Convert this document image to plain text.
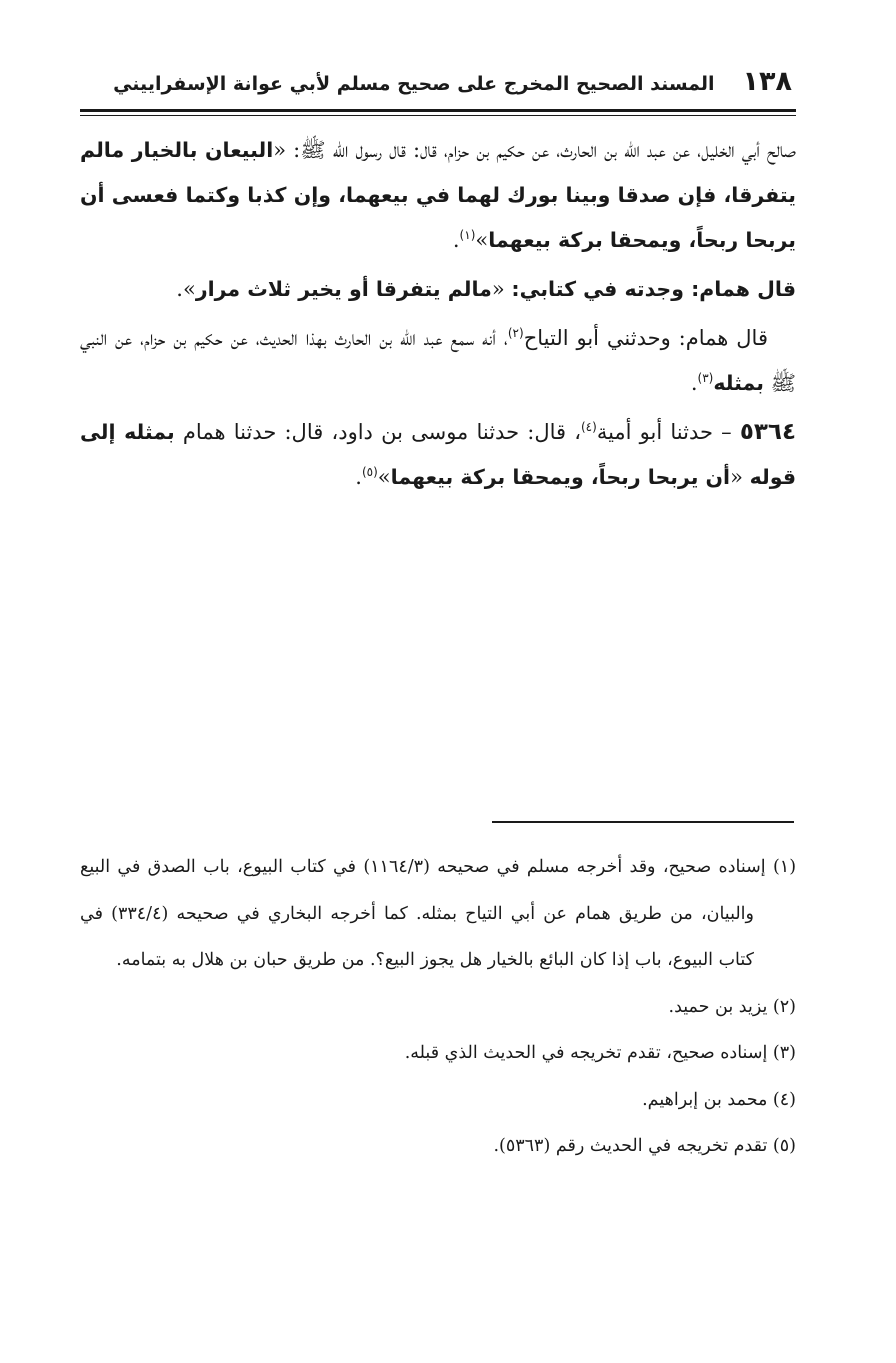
١٣٨
المسند الصحيح المخرج على صحيح مسلم لأبي عوانة الإسفراييني

صالح أبي الخليل، عن عبد الله بن الحارث، عن حكيم بن حزام، قال: قال رسول الله ﷺ: «البيعان بالخيار مالم يتفرقا، فإن صدقا وبينا بورك لهما في بيعهما، وإن كذبا وكتما فعسى أن يربحا ربحاً، ويمحقا بركة بيعهما»$^{(١)}$.

قال همام: وجدته في كتابي: «مالم يتفرقا أو يخير ثلاث مرار».

قال همام: وحدثني أبو التياح$^{(٢)}$، أنه سمع عبد الله بن الحارث بهذا الحديث، عن حكيم بن حزام، عن النبي ﷺ بمثله$^{(٣)}$.

٥٣٦٤ – حدثنا أبو أمية$^{(٤)}$، قال: حدثنا موسى بن داود، قال: حدثنا همام بمثله إلى قوله «أن يربحا ربحاً، ويمحقا بركة بيعهما»$^{(٥)}$.

(١) إسناده صحيح، وقد أخرجه مسلم في صحيحه (١١٦٤/٣) في كتاب البيوع، باب الصدق في البيع والبيان، من طريق همام عن أبي التياح بمثله. كما أخرجه البخاري في صحيحه (٣٣٤/٤) في كتاب البيوع، باب إذا كان البائع بالخيار هل يجوز البيع؟. من طريق حبان بن هلال به بتمامه.

(٢) يزيد بن حميد.

(٣) إسناده صحيح، تقدم تخريجه في الحديث الذي قبله.

(٤) محمد بن إبراهيم.

(٥) تقدم تخريجه في الحديث رقم (٥٣٦٣).
